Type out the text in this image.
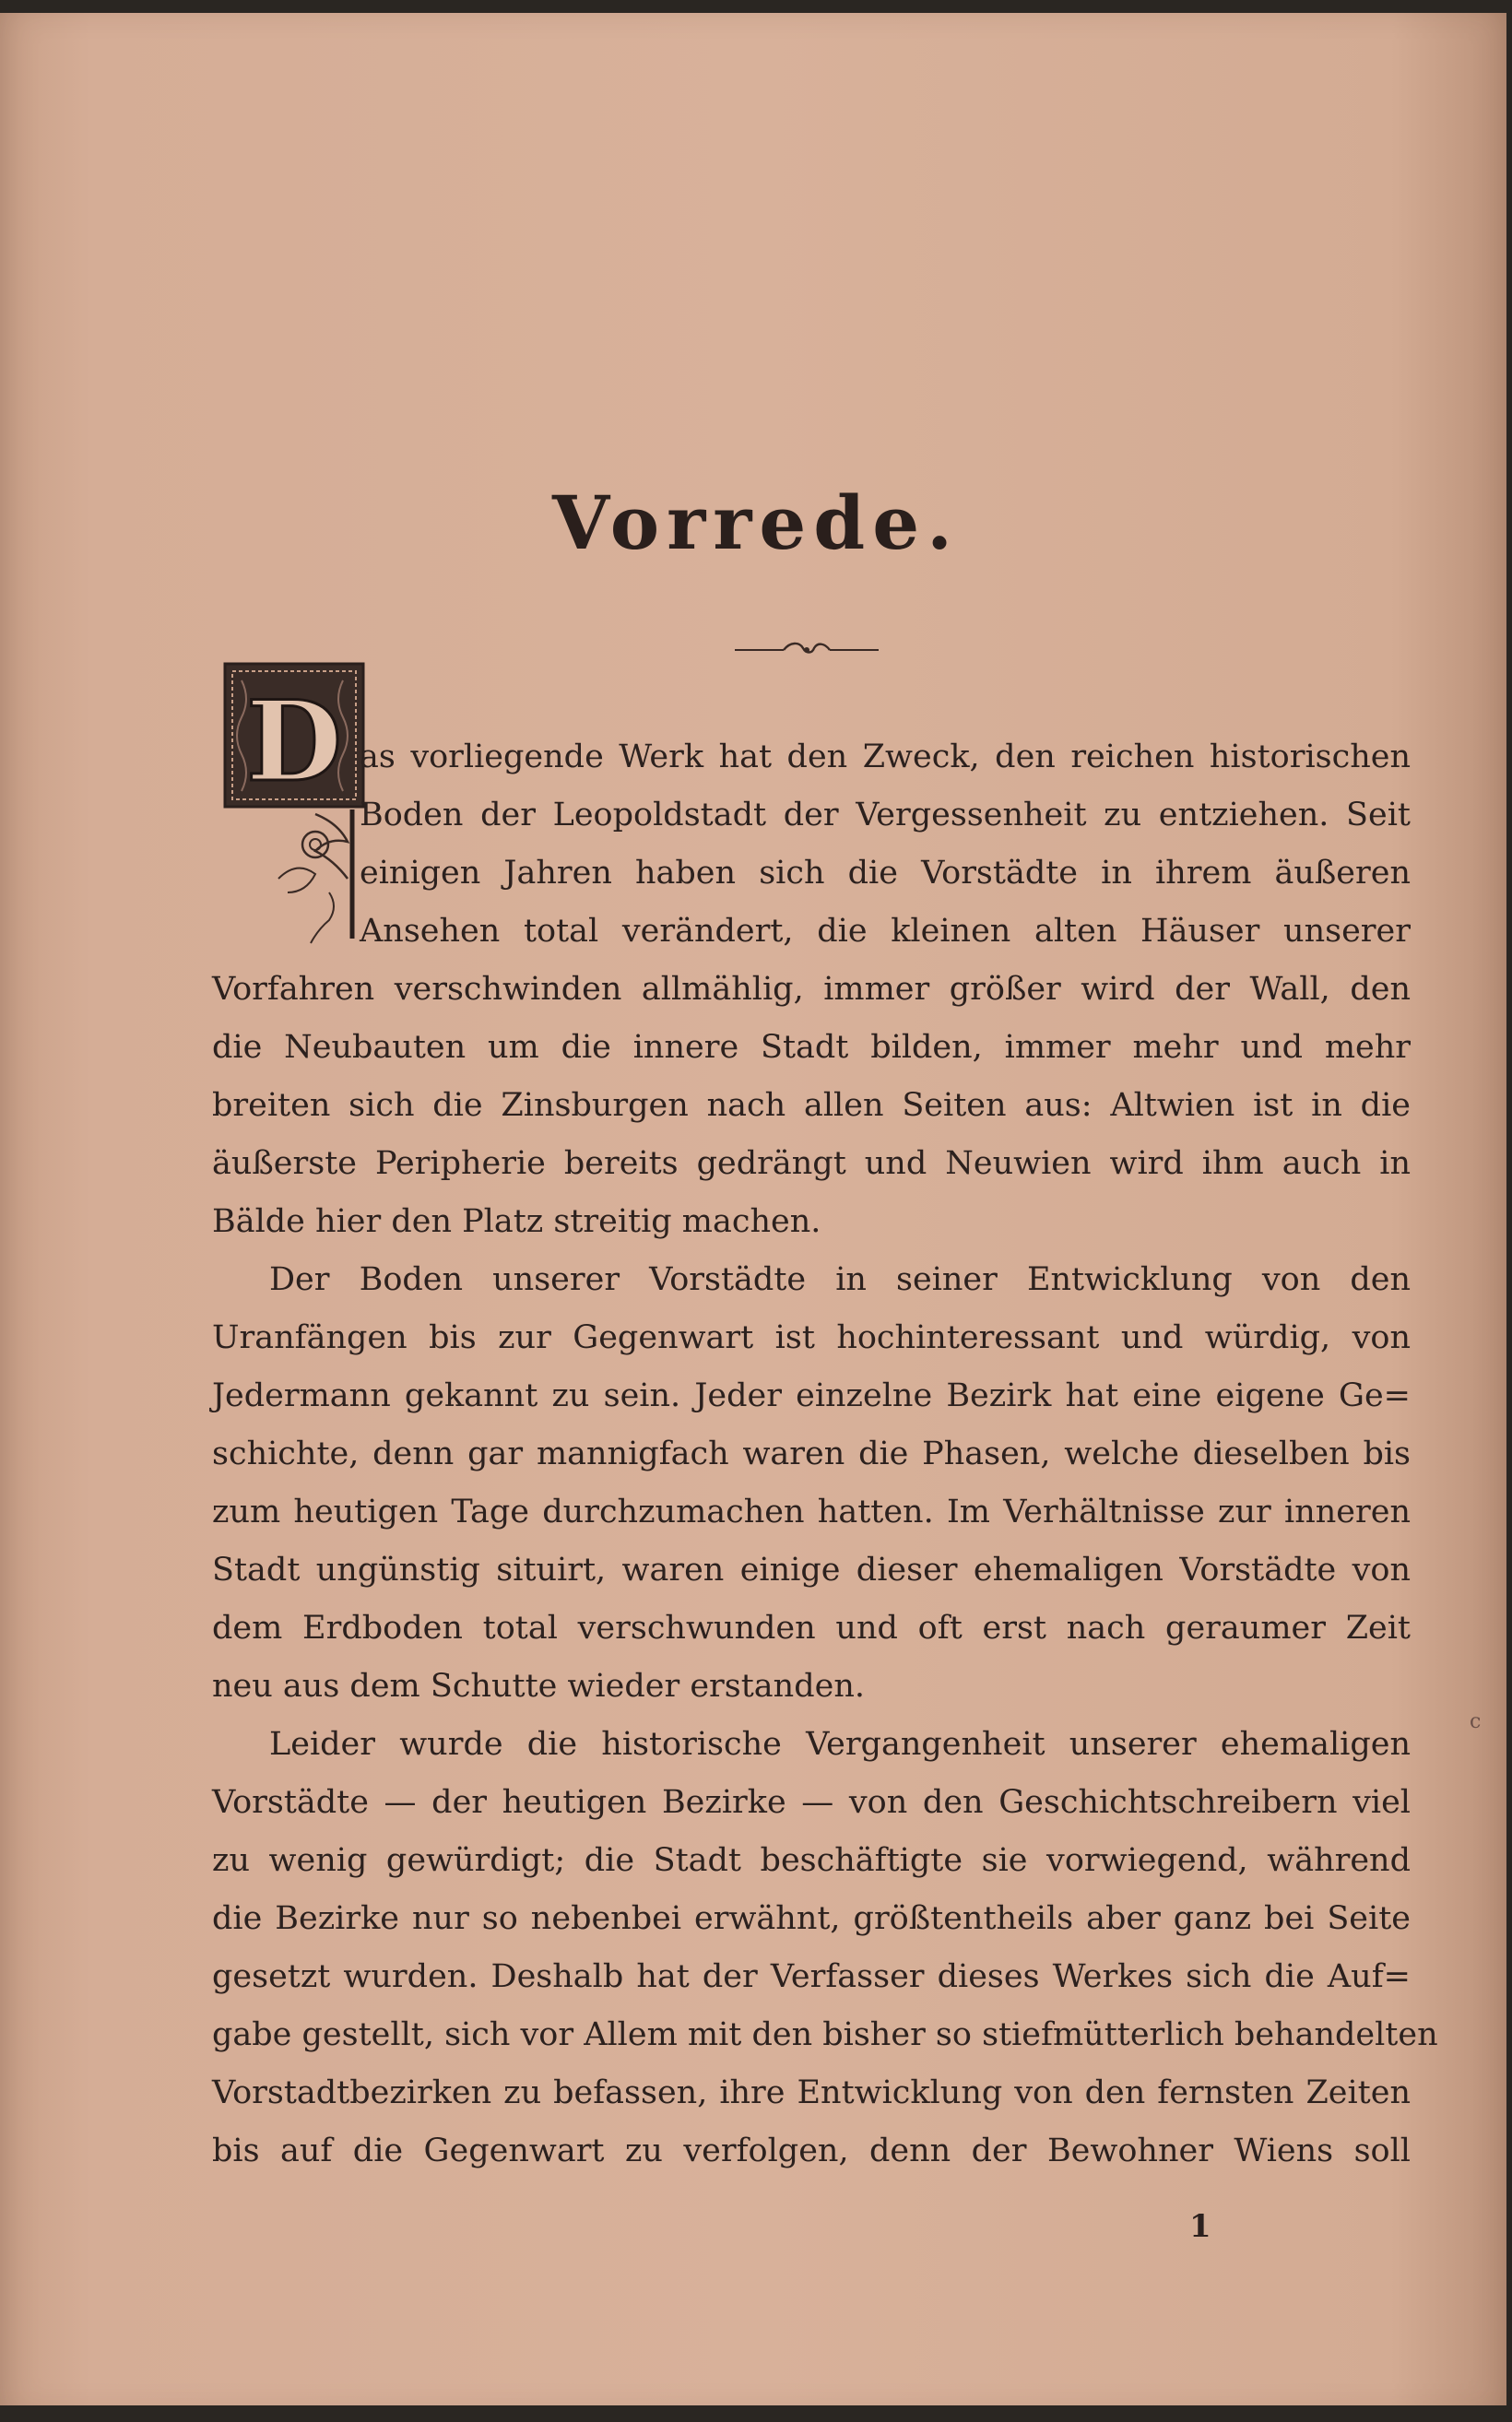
Vorrede.
D as vorliegende Werk hat den Zweck, den reichen historischen
Boden der Leopoldstadt der Vergessenheit zu entziehen. Seit
einigen Jahren haben sich die Vorstädte in ihrem äußeren
Ansehen total verändert, die kleinen alten Häuser unserer
Vorfahren verschwinden allmählig, immer größer wird der Wall, den
die Neubauten um die innere Stadt bilden, immer mehr und mehr
breiten sich die Zinsburgen nach allen Seiten aus: Altwien ist in die
äußerste Peripherie bereits gedrängt und Neuwien wird ihm auch in
Bälde hier den Platz streitig machen.
Der Boden unserer Vorstädte in seiner Entwicklung von den
Uranfängen bis zur Gegenwart ist hochinteressant und würdig, von
Jedermann gekannt zu sein. Jeder einzelne Bezirk hat eine eigene Ge=
schichte, denn gar mannigfach waren die Phasen, welche dieselben bis
zum heutigen Tage durchzumachen hatten. Im Verhältnisse zur inneren
Stadt ungünstig situirt, waren einige dieser ehemaligen Vorstädte von
dem Erdboden total verschwunden und oft erst nach geraumer Zeit
neu aus dem Schutte wieder erstanden.
Leider wurde die historische Vergangenheit unserer ehemaligen
Vorstädte — der heutigen Bezirke — von den Geschichtschreibern viel
zu wenig gewürdigt; die Stadt beschäftigte sie vorwiegend, während
die Bezirke nur so nebenbei erwähnt, größtentheils aber ganz bei Seite
gesetzt wurden. Deshalb hat der Verfasser dieses Werkes sich die Auf=
gabe gestellt, sich vor Allem mit den bisher so stiefmütterlich behandelten
Vorstadtbezirken zu befassen, ihre Entwicklung von den fernsten Zeiten
bis auf die Gegenwart zu verfolgen, denn der Bewohner Wiens soll
1
c
